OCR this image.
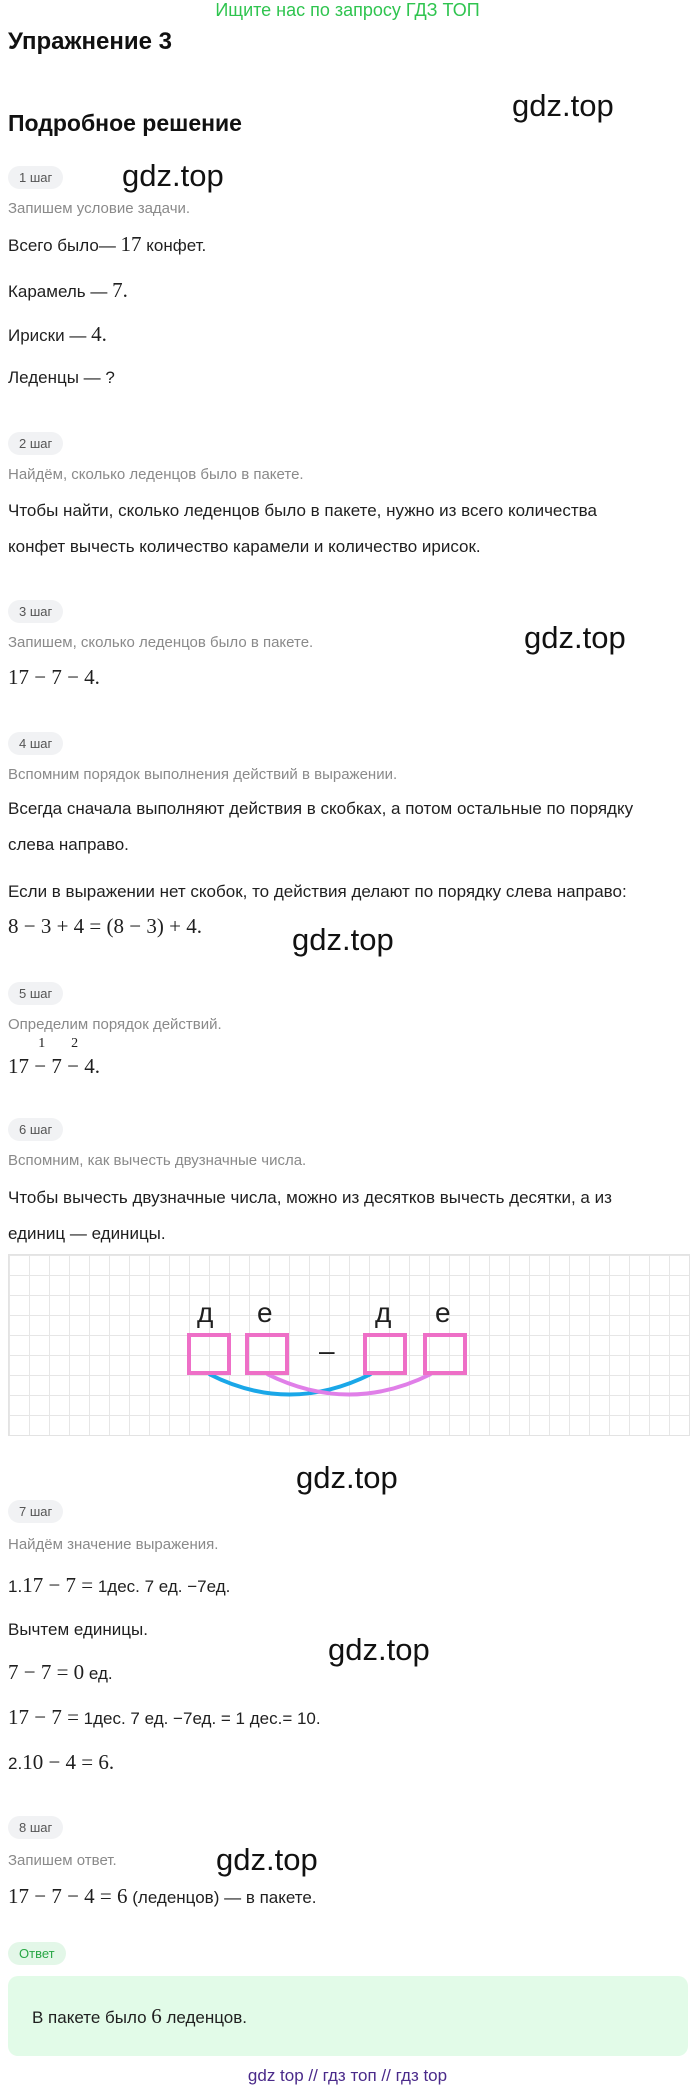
Ищите нас по запросу ГДЗ ТОП
Упражнение 3
Подробное решение	gdz.top
gdz.top
gdz.top
gdz.top
gdz.top
gdz.top
gdz.top
1 шаг
Запишем условие задачи.
Всего было— 17 конфет.
Карамель — 7.
Ириски — 4.
Леденцы — ?
2 шаг
Найдём, сколько леденцов было в пакете.
Чтобы найти, сколько леденцов было в пакете, нужно из всего количества
конфет вычесть количество карамели и количество ирисок.
3 шаг
Запишем, сколько леденцов было в пакете.
17 − 7 − 4.
4 шаг
Вспомним порядок выполнения действий в выражении.
Всегда сначала выполняют действия в скобках, а потом остальные по порядку
слева направо.
Если в выражении нет скобок, то действия делают по порядку слева направо:
8 − 3 + 4 = (8 − 3) + 4.
5 шаг
Определим порядок действий.
17 −
1
7 −
2
4.
6 шаг
Вспомним, как вычесть двузначные числа.
Чтобы вычесть двузначные числа, можно из десятков вычесть десятки, а из
единиц — единицы.
д е
–
д е
7 шаг
Найдём значение выражения.
1.17 − 7 = 1дес. 7 ед. −7ед.
Вычтем единицы.
7 − 7 = 0 ед.
17 − 7 = 1дес. 7 ед. −7ед. = 1 дес.= 10.
2.10 − 4 = 6.
8 шаг
Запишем ответ.
17 − 7 − 4 = 6 (леденцов) — в пакете.
Ответ
В пакете было 6 леденцов.
gdz top // гдз топ // гдз top
